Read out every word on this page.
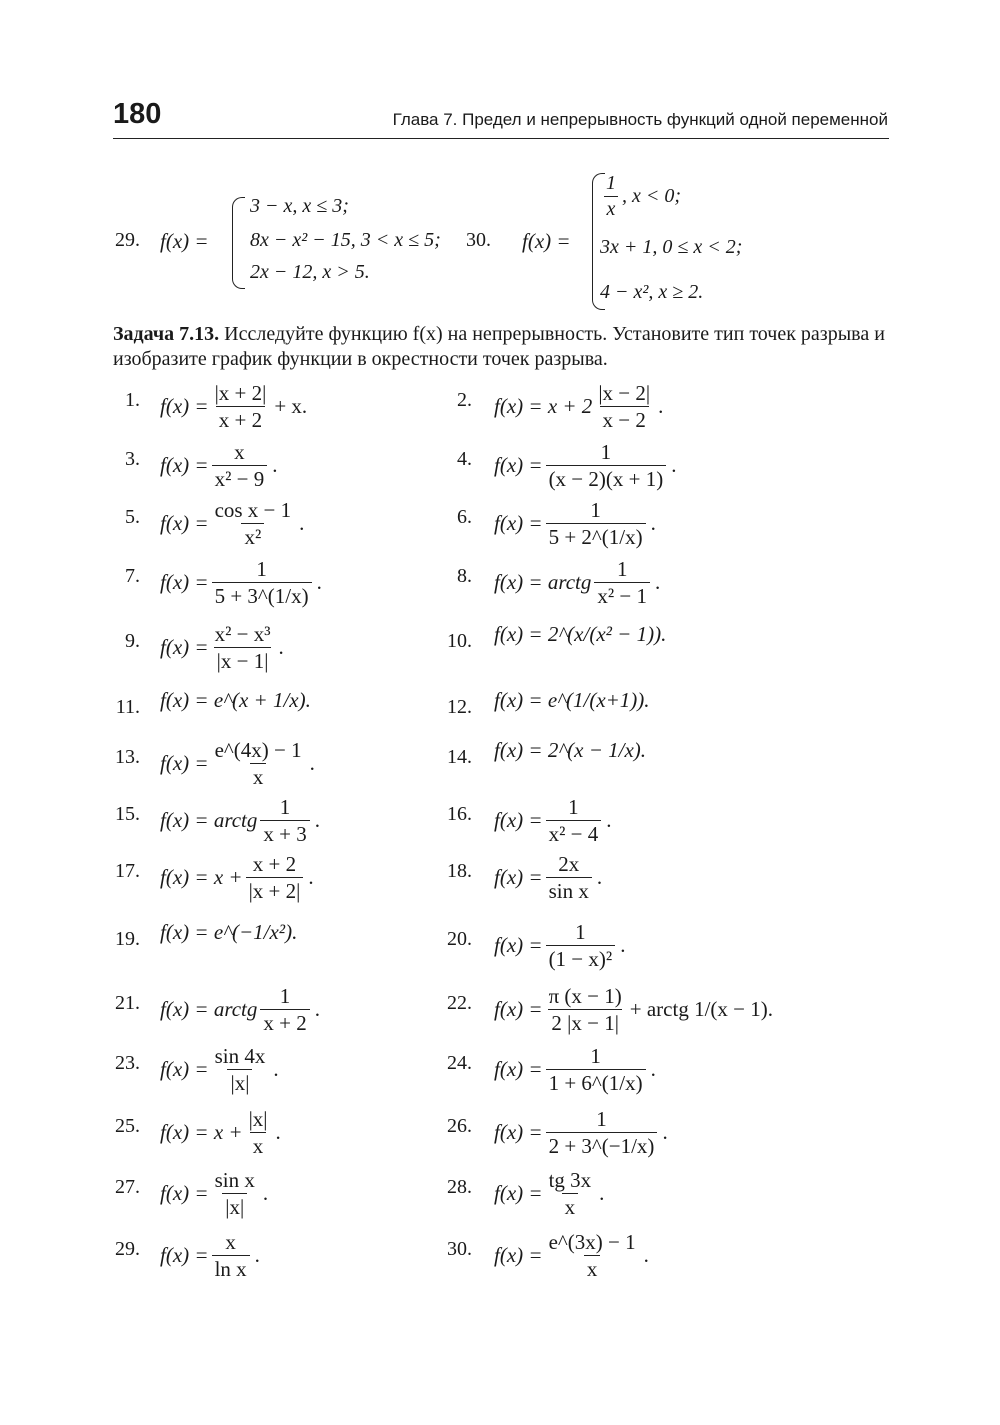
180	Глава 7. Предел и непрерывность функций одной переменной
29. f(x) =
3 − x, x ≤ 3;
8x − x² − 15, 3 < x ≤ 5;
2x − 12, x > 5.
30. f(x) =
$\frac{1}{x}$ , x < 0;
3x + 1, 0 ≤ x < 2;
4 − x², x ≥ 2.
Задача 7.13. Исследуйте функцию f(x) на непрерывность. Установите тип точек разрыва и изобразите график функции в окрестности точек разрыва.
1. $f(x) = \frac{|x + 2|}{x + 2} + x$.	2. $f(x) = x + 2 \frac{|x - 2|}{x - 2}$ .
3. $f(x) = \frac{x}{\text{x² − 9}}$ .	4. $f(x) = \frac{1}{(x - 2)(x + 1)}$ .
5. $f(x) = \frac{\text{cos x − 1}}{\text{x²}}$ .	6. $f(x) = \frac{1}{5 + 2\^{}(1/x)}$ .
7. $f(x) = \frac{1}{5 + 3\^{}(1/x)}$ .	8. f(x) = arctg $\frac{1}{\text{x² − 1}}$ .
9. $f(x) = \frac{\text{x² − x³}}{|x - 1|}$ .	10. f(x) = 2^(x/(x² − 1)).
11. f(x) = e^(x + 1/x).	12. f(x) = e^(1/(x+1)).
13. $f(x) = \frac{e\^{}(4x) - 1}{x}$ .	14. f(x) = 2^(x − 1/x).
15. f(x) = arctg $\frac{1}{x + 3}$ .	16. $f(x) = \frac{1}{\text{x² − 4}}$ .
17. $f(x) = x + \frac{x + 2}{|x + 2|}$ .	18. $f(x) = \frac{2x}{\text{sin x}}$ .
19. f(x) = e^(−1/x²).	20. $f(x) = \frac{1}{\text{(1 − x)²}}$ .
21. f(x) = arctg $\frac{1}{x + 2}$ .	22. $f(x) = \frac{\pi (x - 1)}{2 |x - 1|}$ + arctg 1/(x − 1).
23. $f(x) = \frac{\sin 4x}{|x|}$ .	24. $f(x) = \frac{1}{1 + 6\^{}(1/x)}$ .
25. $f(x) = x + \frac{|x|}{x}$ .	26. $f(x) = \frac{1}{2 + 3\^{}(-1/x)}$ .
27. $f(x) = \frac{\text{sin x}}{|x|}$ .	28. $f(x) = \frac{tg 3x}{x}$ .
29. $f(x) = \frac{x}{\text{ln x}}$ .	30. $f(x) = \frac{e\^{}(3x) - 1}{x}$ .
